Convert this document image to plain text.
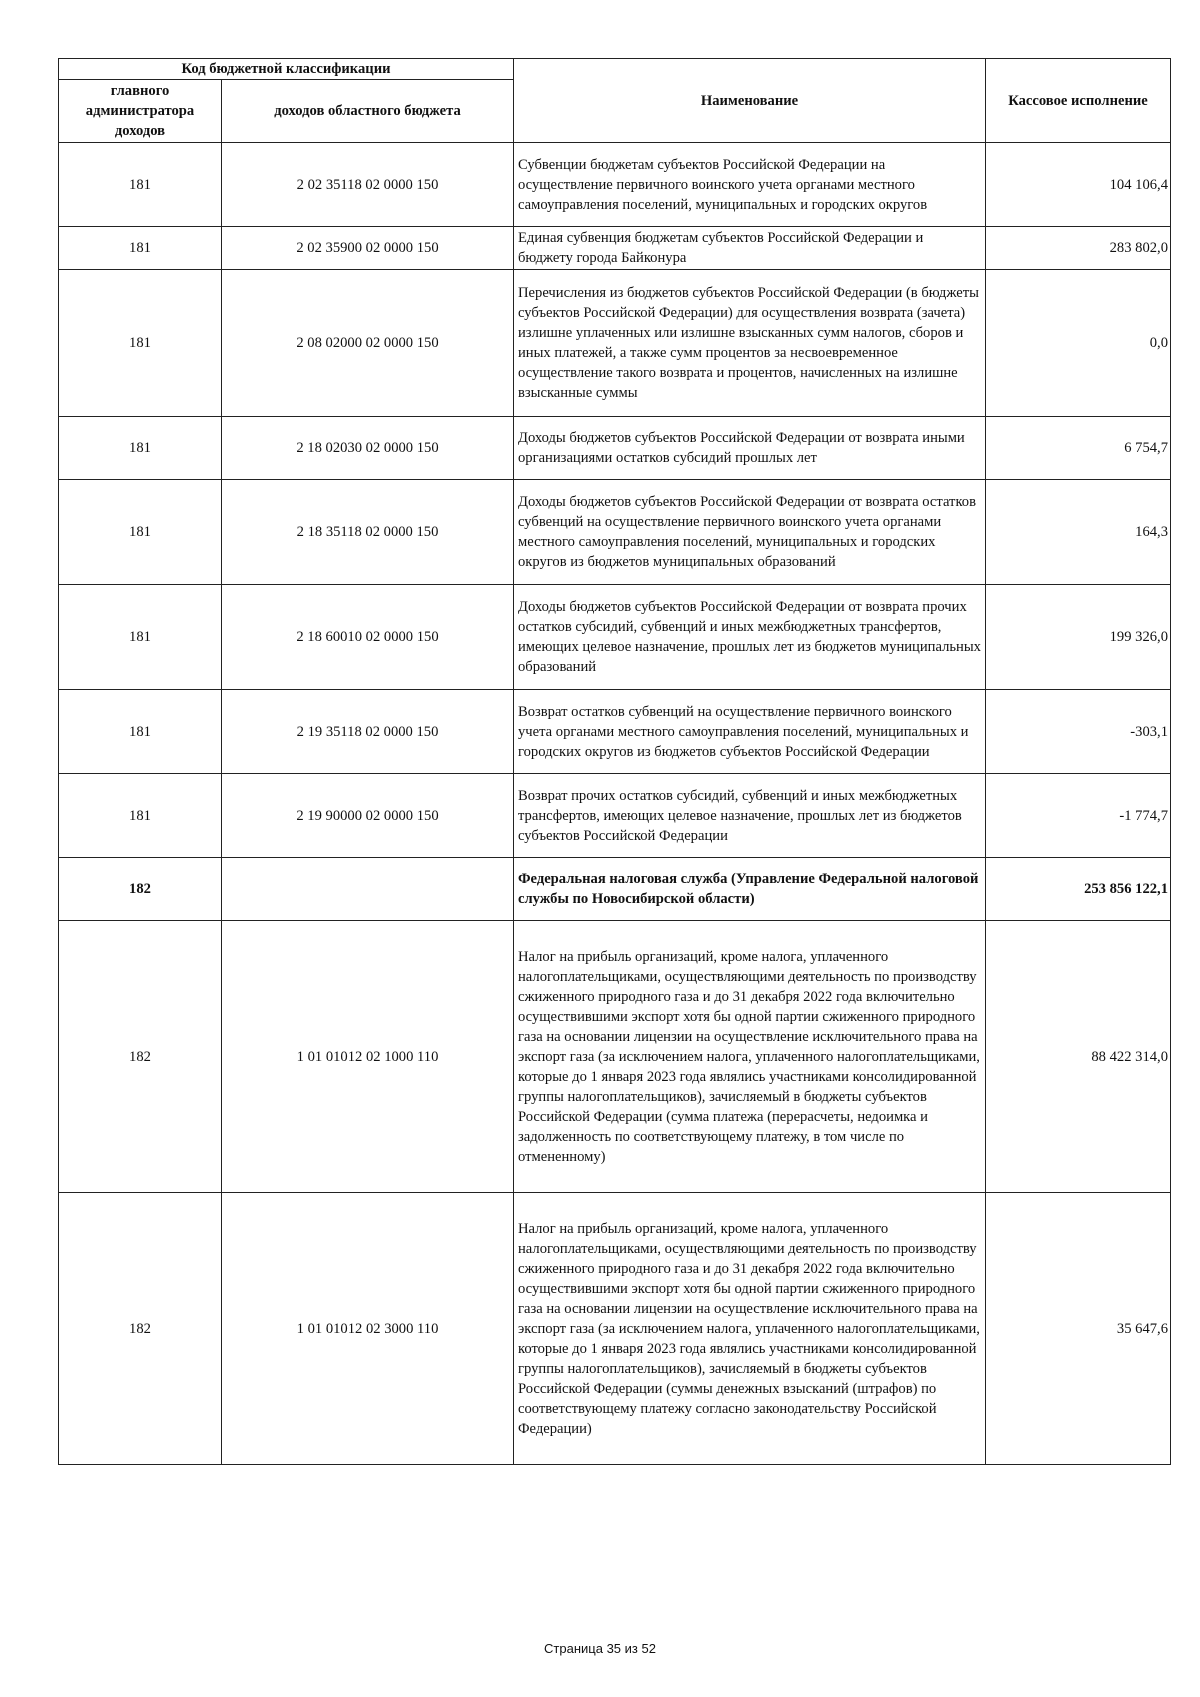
Код бюджетной классификации		Наименование	Кассовое исполнение
главного администратора доходов	доходов областного бюджета		
181	2 02 35118 02 0000 150	Субвенции бюджетам субъектов Российской Федерации на осуществление первичного воинского учета органами местного самоуправления поселений, муниципальных и городских округов	104 106,4
181	2 02 35900 02 0000 150	Единая субвенция бюджетам субъектов Российской Федерации и бюджету города Байконура	283 802,0
181	2 08 02000 02 0000 150	Перечисления из бюджетов субъектов Российской Федерации (в бюджеты субъектов Российской Федерации) для осуществления возврата (зачета) излишне уплаченных или излишне взысканных сумм налогов, сборов и иных платежей, а также сумм процентов за несвоевременное осуществление такого возврата и процентов, начисленных на излишне взысканные суммы	0,0
181	2 18 02030 02 0000 150	Доходы бюджетов субъектов Российской Федерации от возврата иными организациями остатков субсидий прошлых лет	6 754,7
181	2 18 35118 02 0000 150	Доходы бюджетов субъектов Российской Федерации от возврата остатков субвенций на осуществление первичного воинского учета органами местного самоуправления поселений, муниципальных и городских округов из бюджетов муниципальных образований	164,3
181	2 18 60010 02 0000 150	Доходы бюджетов субъектов Российской Федерации от возврата прочих остатков субсидий, субвенций и иных межбюджетных трансфертов, имеющих целевое назначение, прошлых лет из бюджетов муниципальных образований	199 326,0
181	2 19 35118 02 0000 150	Возврат остатков субвенций на осуществление первичного воинского учета органами местного самоуправления поселений, муниципальных и городских округов из бюджетов субъектов Российской Федерации	-303,1
181	2 19 90000 02 0000 150	Возврат прочих остатков субсидий, субвенций и иных межбюджетных трансфертов, имеющих целевое назначение, прошлых лет из бюджетов субъектов Российской Федерации	-1 774,7
182		Федеральная налоговая служба (Управление Федеральной налоговой службы по Новосибирской области)	253 856 122,1
182	1 01 01012 02 1000 110	Налог на прибыль организаций, кроме налога, уплаченного налогоплательщиками, осуществляющими деятельность по производству сжиженного природного газа и до 31 декабря 2022 года включительно осуществившими экспорт хотя бы одной партии сжиженного природного газа на основании лицензии на осуществление исключительного права на экспорт газа (за исключением налога, уплаченного налогоплательщиками, которые до 1 января 2023 года являлись участниками консолидированной группы налогоплательщиков), зачисляемый в бюджеты субъектов Российской Федерации (сумма платежа (перерасчеты, недоимка и задолженность по соответствующему платежу, в том числе по отмененному)	88 422 314,0
182	1 01 01012 02 3000 110	Налог на прибыль организаций, кроме налога, уплаченного налогоплательщиками, осуществляющими деятельность по производству сжиженного природного газа и до 31 декабря 2022 года включительно осуществившими экспорт хотя бы одной партии сжиженного природного газа на основании лицензии на осуществление исключительного права на экспорт газа (за исключением налога, уплаченного налогоплательщиками, которые до 1 января 2023 года являлись участниками консолидированной группы налогоплательщиков), зачисляемый в бюджеты субъектов Российской Федерации (суммы денежных взысканий (штрафов) по соответствующему платежу согласно законодательству Российской Федерации)	35 647,6
Страница 35 из 52
